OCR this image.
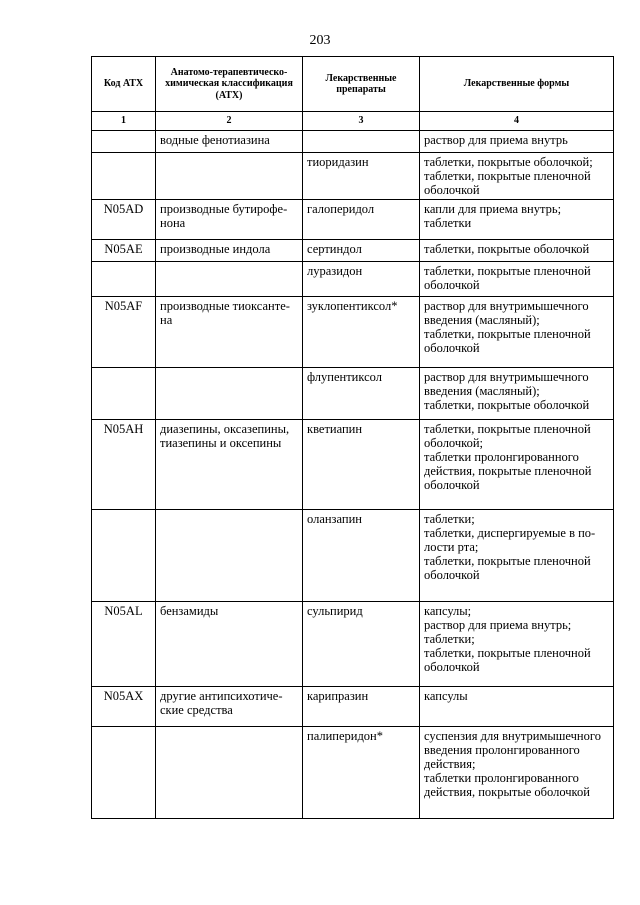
203
Код АТХ	Анатомо-терапевтическо-химическая классификация (АТХ)	Лекарственные препараты	Лекарственные формы
1	2	3	4
	водные фенотиазина		раствор для приема внутрь

		тиоридазин	таблетки, покрытые оболочкой;
таблетки, покрытые пленочной оболочкой

N05AD	производные бутирофе-нона	галоперидол	капли для приема внутрь;
таблетки

N05AE	производные индола	сертиндол	таблетки, покрытые оболочкой

		луразидон	таблетки, покрытые пленочной оболочкой

N05AF	производные тиоксанте-на	зуклопентиксол*	раствор для внутримышечного введения (масляный);
таблетки, покрытые пленочной оболочкой

		флупентиксол	раствор для внутримышечного введения (масляный);
таблетки, покрытые оболочкой

N05AH	диазепины, оксазепины, тиазепины и оксепины	кветиапин	таблетки, покрытые пленочной оболочкой;
таблетки пролонгированного действия, покрытые пленочной оболочкой

		оланзапин	таблетки;
таблетки, диспергируемые в по-лости рта;
таблетки, покрытые пленочной оболочкой

N05AL	бензамиды	сульпирид	капсулы;
раствор для приема внутрь;
таблетки;
таблетки, покрытые пленочной оболочкой

N05AX	другие антипсихотиче-ские средства	карипразин	капсулы

		палиперидон*	суспензия для внутримышечного введения пролонгированного действия;
таблетки пролонгированного действия, покрытые оболочкой
